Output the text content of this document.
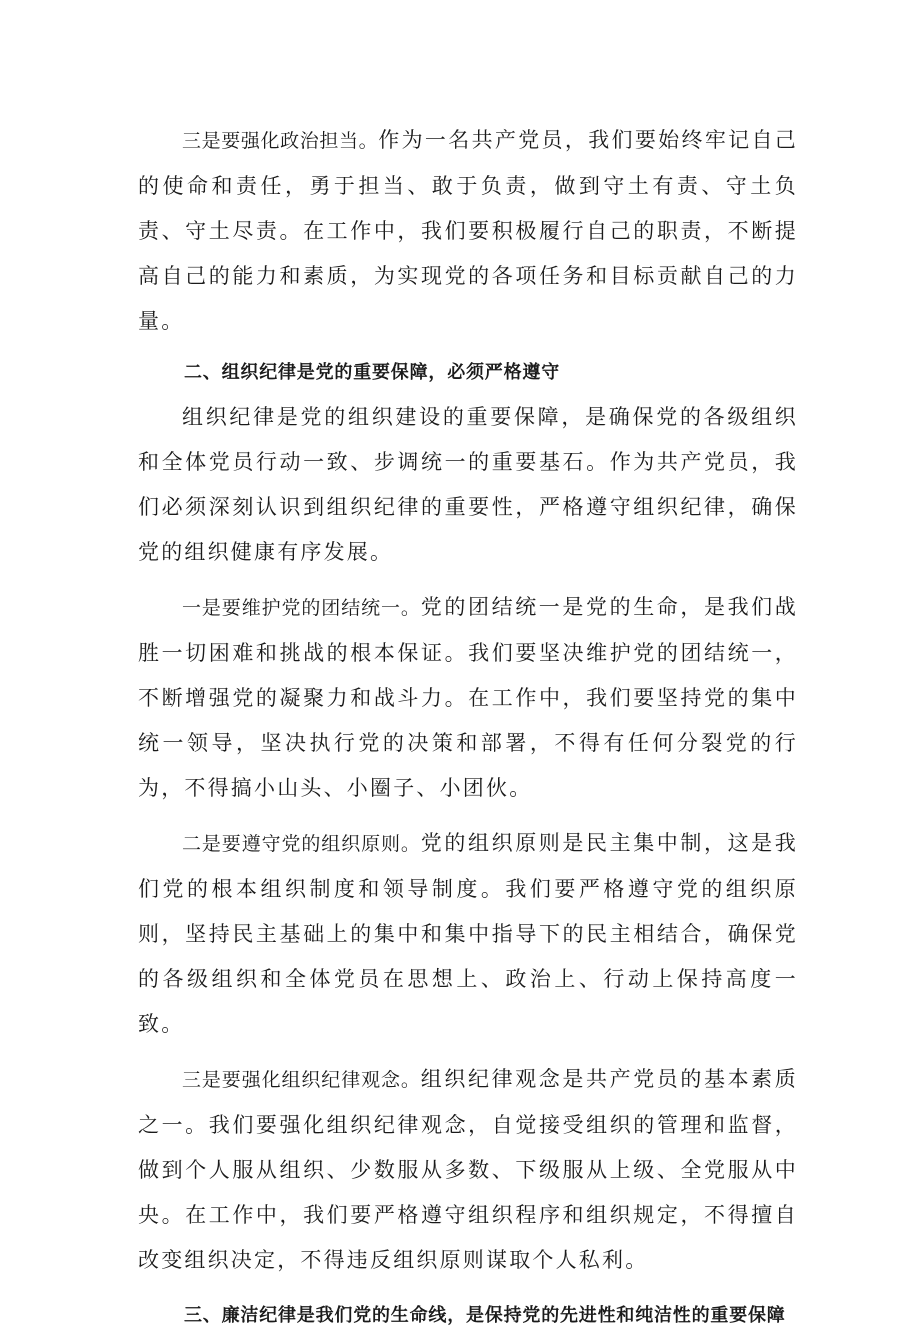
三是要强化政治担当。作为一名共产党员，我们要始终牢记自己的使命和责任，勇于担当、敢于负责，做到守土有责、守土负责、守土尽责。在工作中，我们要积极履行自己的职责，不断提高自己的能力和素质，为实现党的各项任务和目标贡献自己的力量。

二、组织纪律是党的重要保障，必须严格遵守

组织纪律是党的组织建设的重要保障，是确保党的各级组织和全体党员行动一致、步调统一的重要基石。作为共产党员，我们必须深刻认识到组织纪律的重要性，严格遵守组织纪律，确保党的组织健康有序发展。

一是要维护党的团结统一。党的团结统一是党的生命，是我们战胜一切困难和挑战的根本保证。我们要坚决维护党的团结统一，不断增强党的凝聚力和战斗力。在工作中，我们要坚持党的集中统一领导，坚决执行党的决策和部署，不得有任何分裂党的行为，不得搞小山头、小圈子、小团伙。

二是要遵守党的组织原则。党的组织原则是民主集中制，这是我们党的根本组织制度和领导制度。我们要严格遵守党的组织原则，坚持民主基础上的集中和集中指导下的民主相结合，确保党的各级组织和全体党员在思想上、政治上、行动上保持高度一致。

三是要强化组织纪律观念。组织纪律观念是共产党员的基本素质之一。我们要强化组织纪律观念，自觉接受组织的管理和监督，做到个人服从组织、少数服从多数、下级服从上级、全党服从中央。在工作中，我们要严格遵守组织程序和组织规定，不得擅自改变组织决定，不得违反组织原则谋取个人私利。

三、廉洁纪律是我们党的生命线，是保持党的先进性和纯洁性的重要保障
